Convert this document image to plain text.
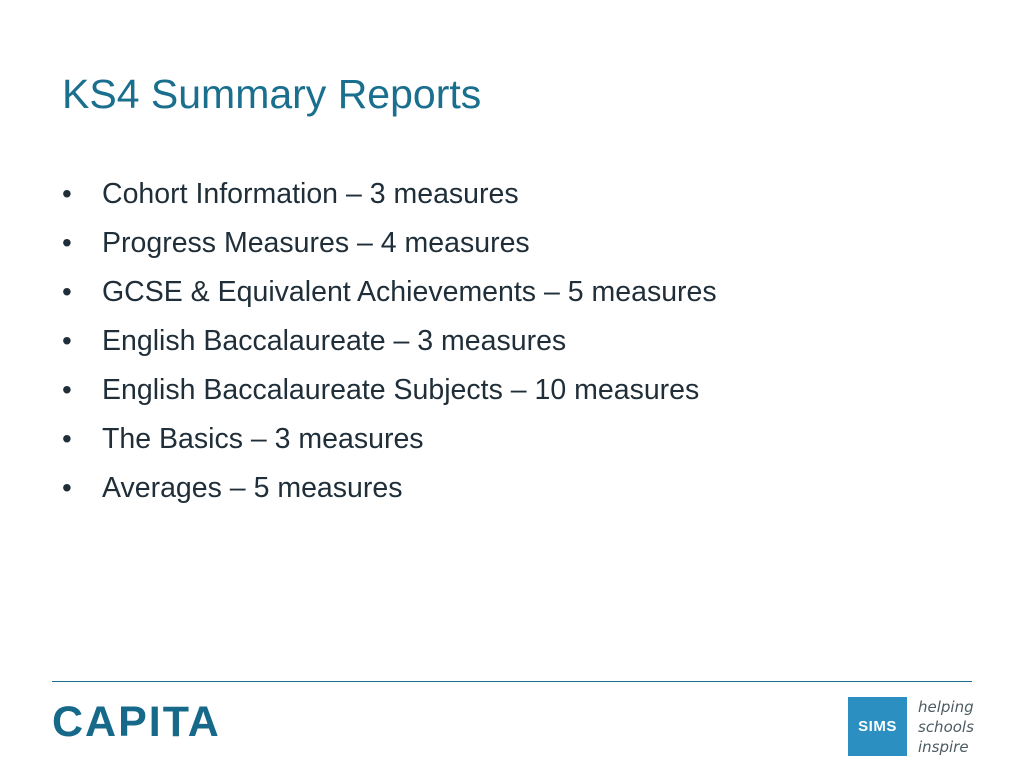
KS4 Summary Reports
•	Cohort Information – 3 measures
•	Progress Measures – 4 measures
•	GCSE & Equivalent Achievements – 5 measures
•	English Baccalaureate – 3 measures
•	English Baccalaureate Subjects – 10 measures
•	The Basics – 3 measures
•	Averages – 5 measures
CAPITA	SIMS
helping
schools
inspire
